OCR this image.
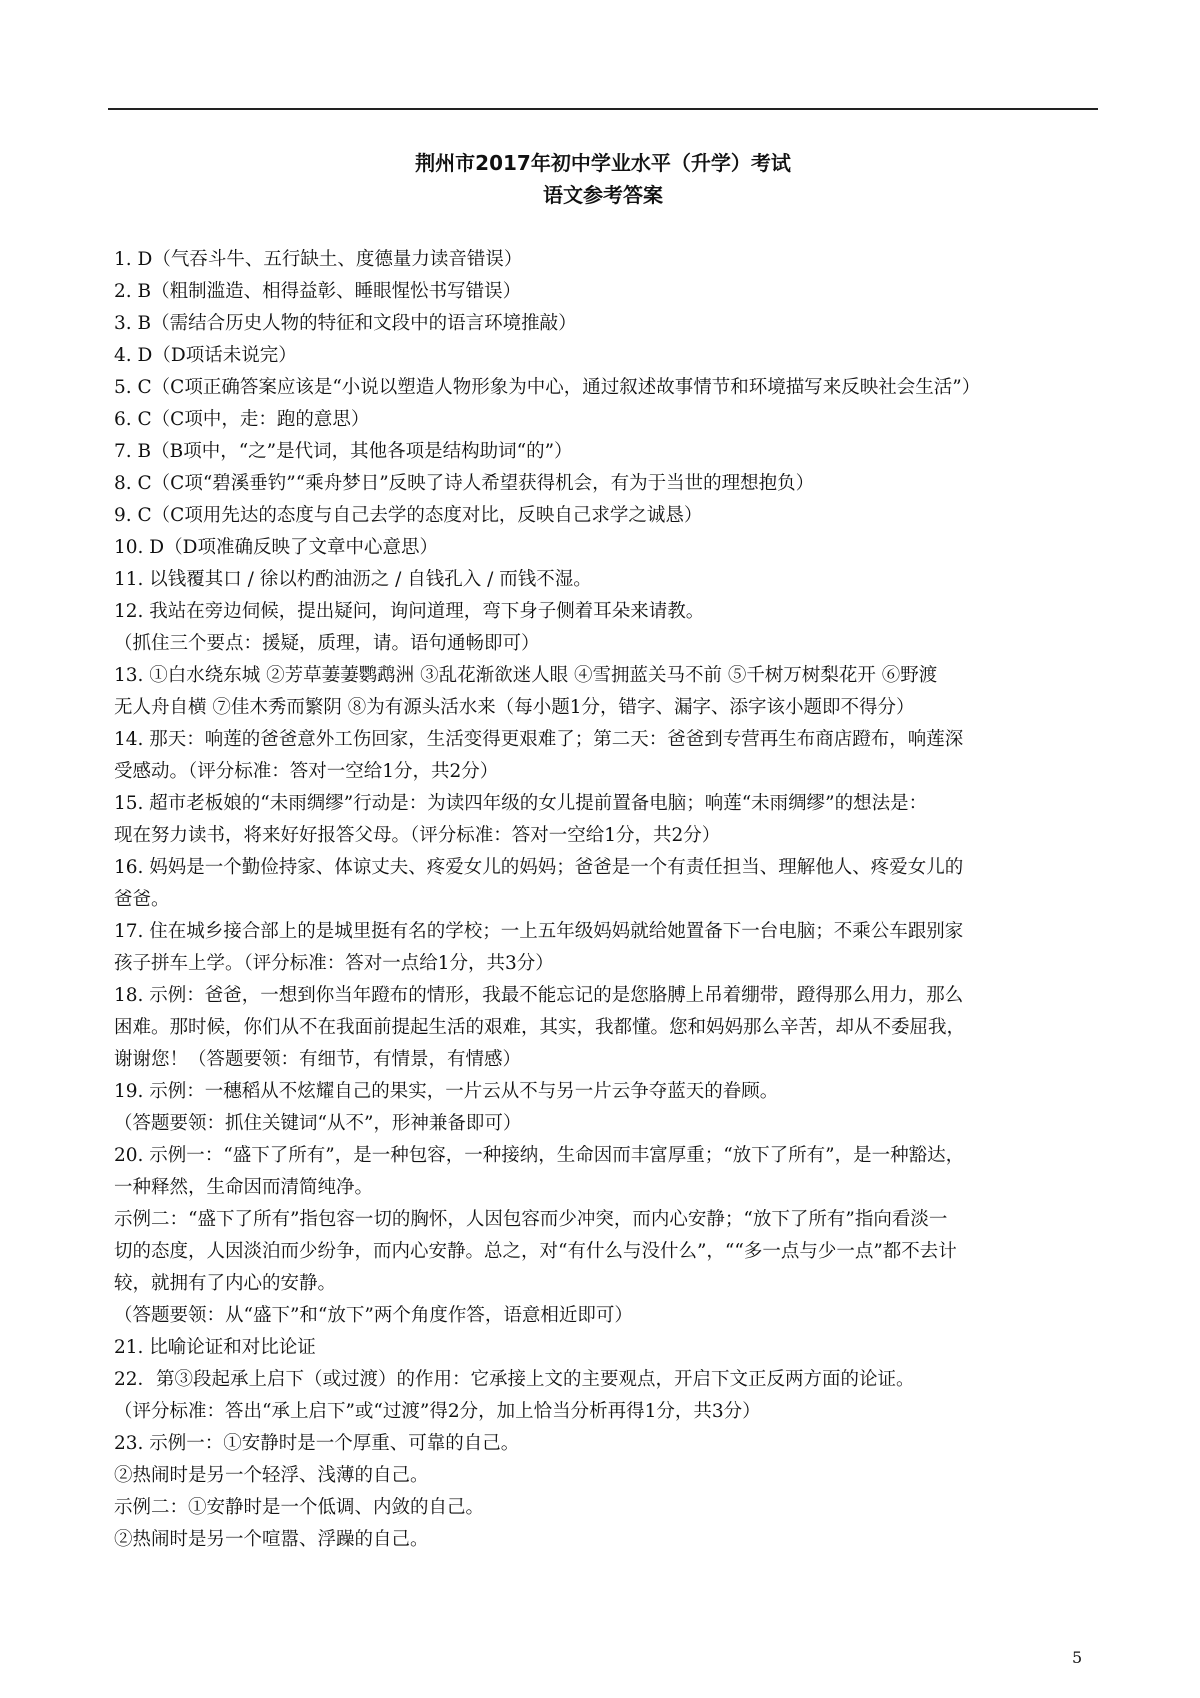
荆州市2017年初中学业水平（升学）考试
语文参考答案
1. D（气吞斗牛、五行缺土、度德量力读音错误）
2. B（粗制滥造、相得益彰、睡眼惺忪书写错误）
3. B（需结合历史人物的特征和文段中的语言环境推敲）
4. D（D项话未说完）
5. C（C项正确答案应该是“小说以塑造人物形象为中心，通过叙述故事情节和环境描写来反映社会生活”）
6. C（C项中，走：跑的意思）
7. B（B项中，“之”是代词，其他各项是结构助词“的”）
8. C（C项“碧溪垂钓”“乘舟梦日”反映了诗人希望获得机会，有为于当世的理想抱负）
9. C（C项用先达的态度与自己去学的态度对比，反映自己求学之诚恳）
10. D（D项准确反映了文章中心意思）
11. 以钱覆其口 / 徐以杓酌油沥之 / 自钱孔入 / 而钱不湿。
12. 我站在旁边伺候，提出疑问，询问道理，弯下身子侧着耳朵来请教。
（抓住三个要点：援疑，质理，请。语句通畅即可）
13. ①白水绕东城 ②芳草萋萋鹦鹉洲 ③乱花渐欲迷人眼 ④雪拥蓝关马不前 ⑤千树万树梨花开 ⑥野渡
无人舟自横 ⑦佳木秀而繁阴 ⑧为有源头活水来（每小题1分，错字、漏字、添字该小题即不得分）
14. 那天：响莲的爸爸意外工伤回家，生活变得更艰难了；第二天：爸爸到专营再生布商店蹬布，响莲深
受感动。（评分标准：答对一空给1分，共2分）
15. 超市老板娘的“未雨绸缪”行动是：为读四年级的女儿提前置备电脑；响莲“未雨绸缪”的想法是：
现在努力读书，将来好好报答父母。（评分标准：答对一空给1分，共2分）
16. 妈妈是一个勤俭持家、体谅丈夫、疼爱女儿的妈妈；爸爸是一个有责任担当、理解他人、疼爱女儿的
爸爸。
17. 住在城乡接合部上的是城里挺有名的学校；一上五年级妈妈就给她置备下一台电脑；不乘公车跟别家
孩子拼车上学。（评分标准：答对一点给1分，共3分）
18. 示例：爸爸，一想到你当年蹬布的情形，我最不能忘记的是您胳膊上吊着绷带，蹬得那么用力，那么
困难。那时候，你们从不在我面前提起生活的艰难，其实，我都懂。您和妈妈那么辛苦，却从不委屈我，
谢谢您！（答题要领：有细节，有情景，有情感）
19. 示例：一穗稻从不炫耀自己的果实，一片云从不与另一片云争夺蓝天的眷顾。
（答题要领：抓住关键词“从不”，形神兼备即可）
20. 示例一：“盛下了所有”，是一种包容，一种接纳，生命因而丰富厚重；“放下了所有”，是一种豁达，
一种释然，生命因而清简纯净。
示例二：“盛下了所有”指包容一切的胸怀，人因包容而少冲突，而内心安静；“放下了所有”指向看淡一
切的态度，人因淡泊而少纷争，而内心安静。总之，对“有什么与没什么”，““多一点与少一点”都不去计
较，就拥有了内心的安静。
（答题要领：从“盛下”和“放下”两个角度作答，语意相近即可）
21. 比喻论证和对比论证
22．第③段起承上启下（或过渡）的作用：它承接上文的主要观点，开启下文正反两方面的论证。
（评分标准：答出“承上启下”或“过渡”得2分，加上恰当分析再得1分，共3分）
23. 示例一：①安静时是一个厚重、可靠的自己。
②热闹时是另一个轻浮、浅薄的自己。
示例二：①安静时是一个低调、内敛的自己。
②热闹时是另一个喧嚣、浮躁的自己。
5
